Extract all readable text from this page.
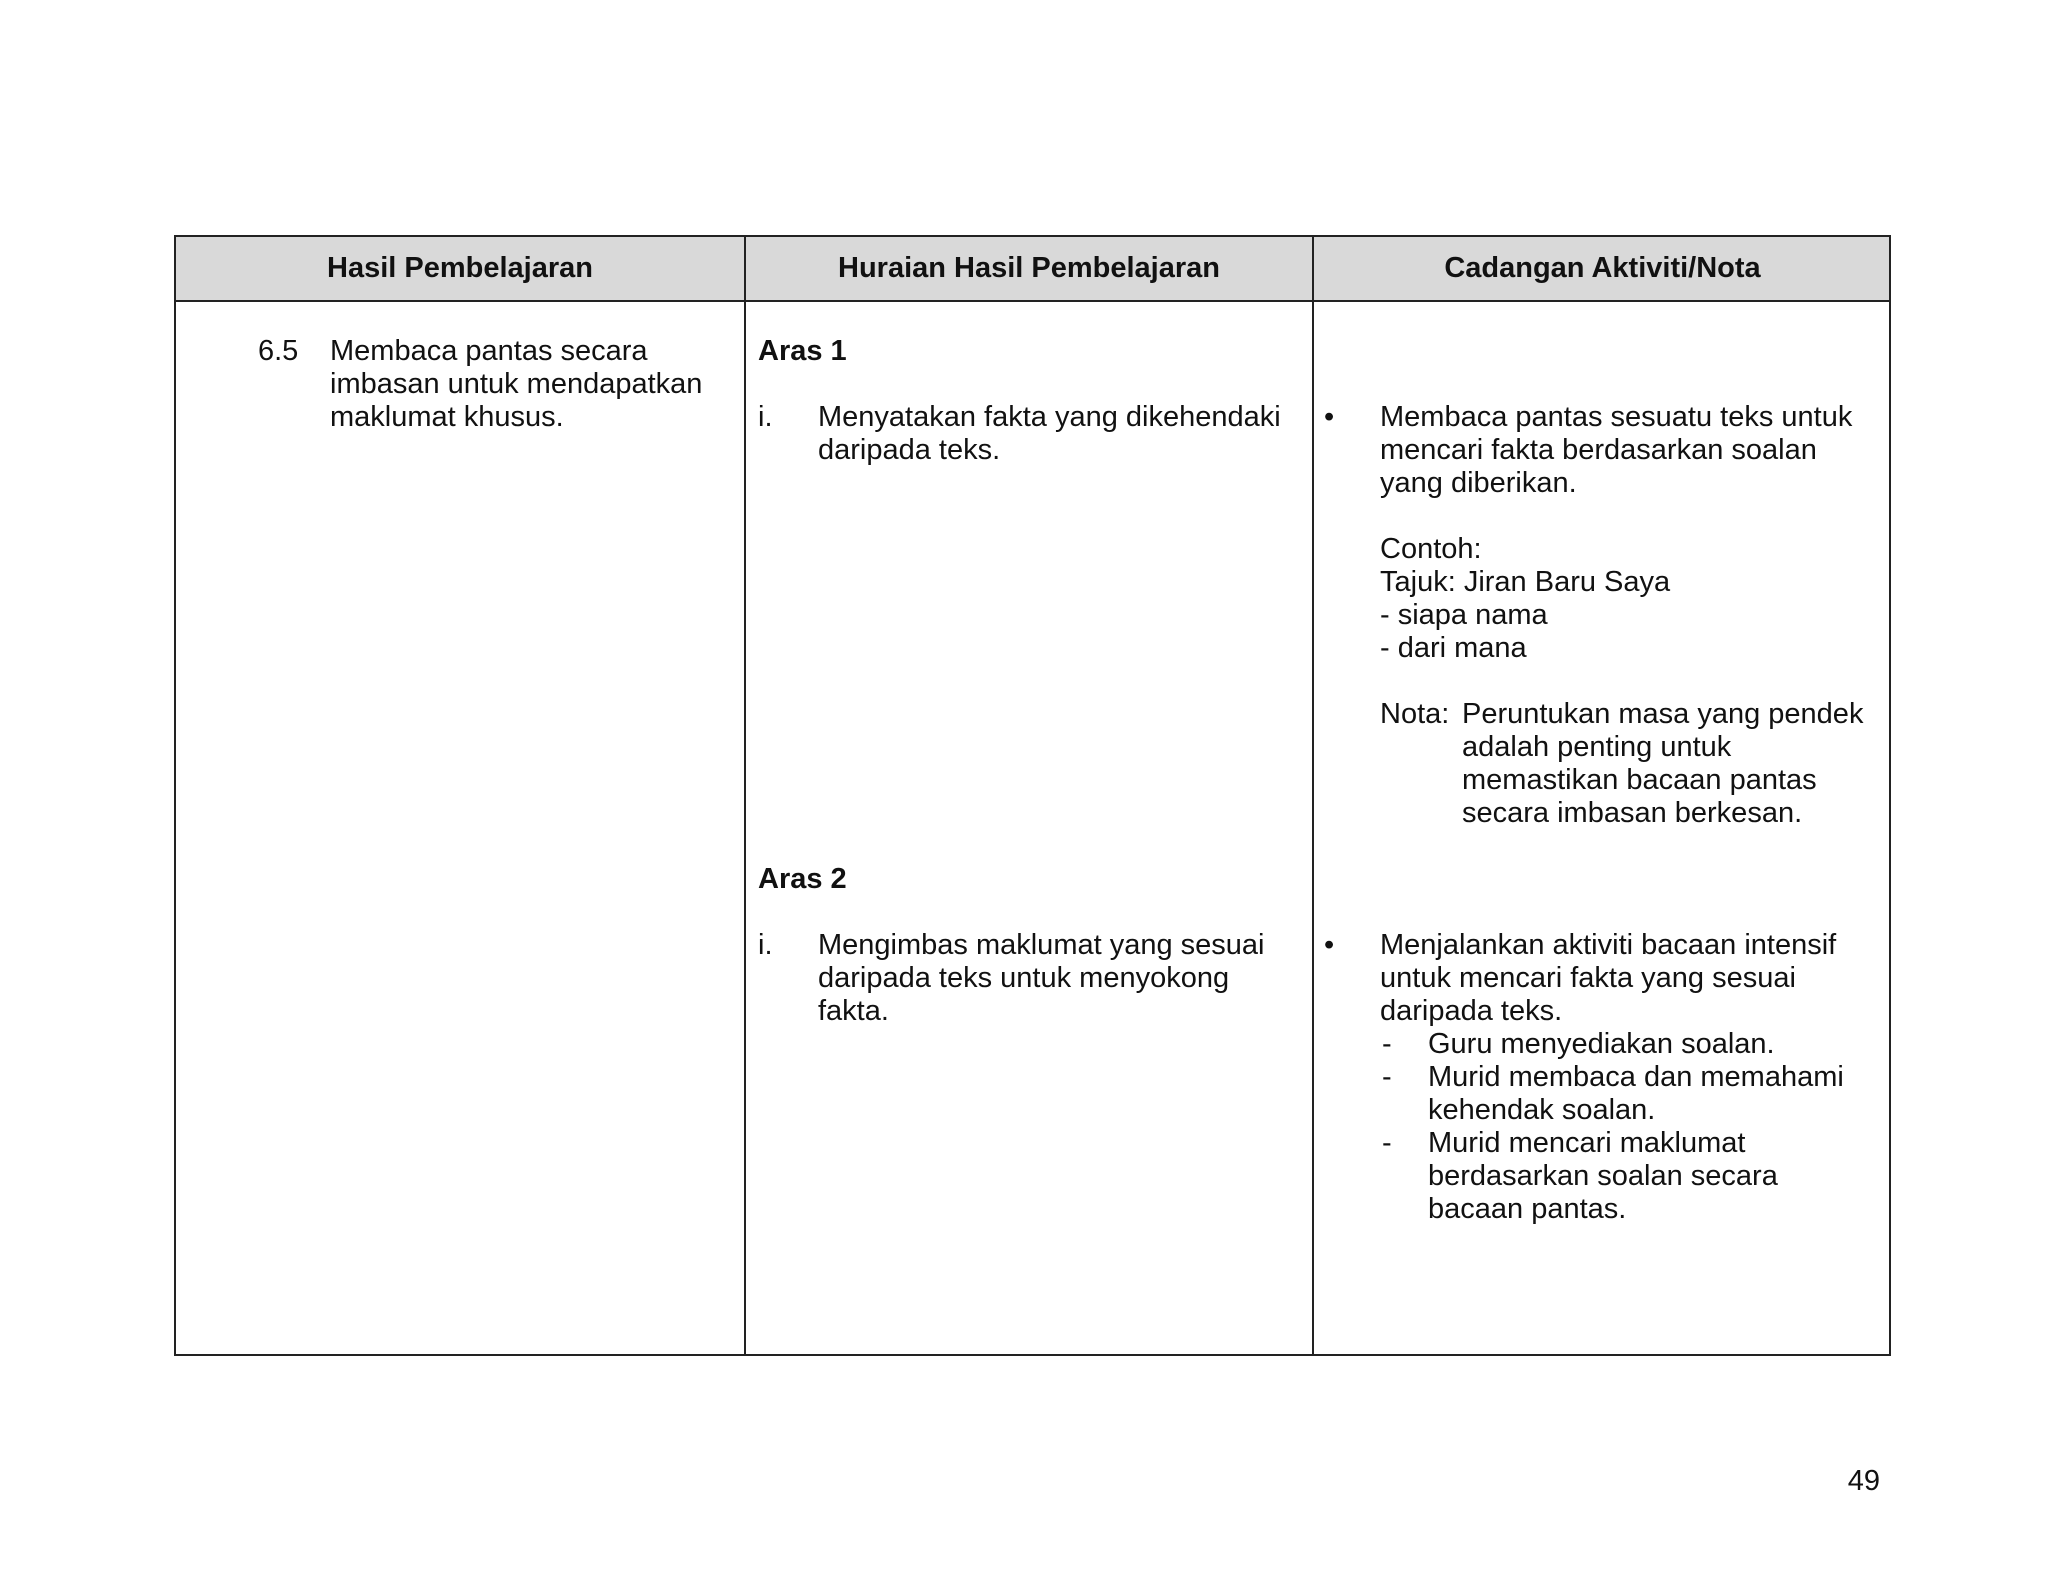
Hasil Pembelajaran	Huraian Hasil Pembelajaran	Cadangan Aktiviti/Nota
6.5 Membaca pantas secara
imbasan untuk mendapatkan
maklumat khusus.
Aras 1
i. Menyatakan fakta yang dikehendaki
daripada teks.
• Membaca pantas sesuatu teks untuk
mencari fakta berdasarkan soalan
yang diberikan.
Contoh:
Tajuk: Jiran Baru Saya
- siapa nama
- dari mana
Nota: Peruntukan masa yang pendek
adalah penting untuk
memastikan bacaan pantas
secara imbasan berkesan.
Aras 2
i. Mengimbas maklumat yang sesuai
daripada teks untuk menyokong
fakta.
• Menjalankan aktiviti bacaan intensif
untuk mencari fakta yang sesuai
daripada teks.
- Guru menyediakan soalan.
- Murid membaca dan memahami
kehendak soalan.
- Murid mencari maklumat
berdasarkan soalan secara
bacaan pantas.
49
